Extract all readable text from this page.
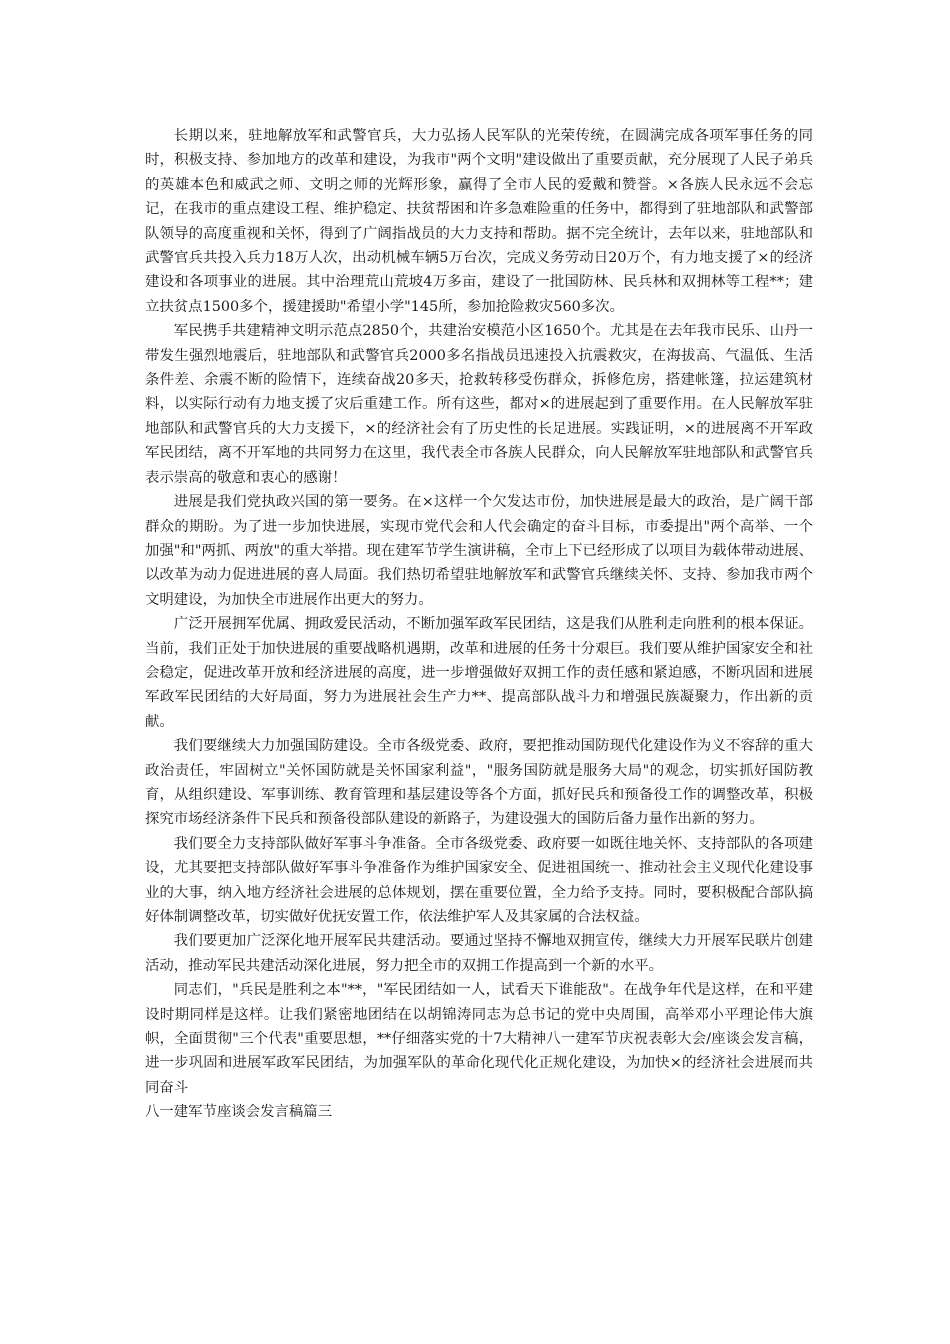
长期以来，驻地解放军和武警官兵，大力弘扬人民军队的光荣传统，在圆满完成各项军事任务的同时，积极支持、参加地方的改革和建设，为我市"两个文明"建设做出了重要贡献，充分展现了人民子弟兵的英雄本色和威武之师、文明之师的光辉形象，赢得了全市人民的爱戴和赞誉。×各族人民永远不会忘记，在我市的重点建设工程、维护稳定、扶贫帮困和许多急难险重的任务中，都得到了驻地部队和武警部队领导的高度重视和关怀，得到了广阔指战员的大力支持和帮助。据不完全统计，去年以来，驻地部队和武警官兵共投入兵力18万人次，出动机械车辆5万台次，完成义务劳动日20万个，有力地支援了×的经济建设和各项事业的进展。其中治理荒山荒坡4万多亩，建设了一批国防林、民兵林和双拥林等工程**；建立扶贫点1500多个，援建援助"希望小学"145所，参加抢险救灾560多次。

军民携手共建精神文明示范点2850个，共建治安模范小区1650个。尤其是在去年我市民乐、山丹一带发生强烈地震后，驻地部队和武警官兵2000多名指战员迅速投入抗震救灾，在海拔高、气温低、生活条件差、余震不断的险情下，连续奋战20多天，抢救转移受伤群众，拆修危房，搭建帐篷，拉运建筑材料，以实际行动有力地支援了灾后重建工作。所有这些，都对×的进展起到了重要作用。在人民解放军驻地部队和武警官兵的大力支援下，×的经济社会有了历史性的长足进展。实践证明，×的进展离不开军政军民团结，离不开军地的共同努力在这里，我代表全市各族人民群众，向人民解放军驻地部队和武警官兵表示崇高的敬意和衷心的感谢！

进展是我们党执政兴国的第一要务。在×这样一个欠发达市份，加快进展是最大的政治，是广阔干部群众的期盼。为了进一步加快进展，实现市党代会和人代会确定的奋斗目标，市委提出"两个高举、一个加强"和"两抓、两放"的重大举措。现在建军节学生演讲稿，全市上下已经形成了以项目为载体带动进展、以改革为动力促进进展的喜人局面。我们热切希望驻地解放军和武警官兵继续关怀、支持、参加我市两个文明建设，为加快全市进展作出更大的努力。

广泛开展拥军优属、拥政爱民活动，不断加强军政军民团结，这是我们从胜利走向胜利的根本保证。当前，我们正处于加快进展的重要战略机遇期，改革和进展的任务十分艰巨。我们要从维护国家安全和社会稳定，促进改革开放和经济进展的高度，进一步增强做好双拥工作的责任感和紧迫感，不断巩固和进展军政军民团结的大好局面，努力为进展社会生产力**、提高部队战斗力和增强民族凝聚力，作出新的贡献。

我们要继续大力加强国防建设。全市各级党委、政府，要把推动国防现代化建设作为义不容辞的重大政治责任，牢固树立"关怀国防就是关怀国家利益"，"服务国防就是服务大局"的观念，切实抓好国防教育，从组织建设、军事训练、教育管理和基层建设等各个方面，抓好民兵和预备役工作的调整改革，积极探究市场经济条件下民兵和预备役部队建设的新路子，为建设强大的国防后备力量作出新的努力。

我们要全力支持部队做好军事斗争准备。全市各级党委、政府要一如既往地关怀、支持部队的各项建设，尤其要把支持部队做好军事斗争准备作为维护国家安全、促进祖国统一、推动社会主义现代化建设事业的大事，纳入地方经济社会进展的总体规划，摆在重要位置，全力给予支持。同时，要积极配合部队搞好体制调整改革，切实做好优抚安置工作，依法维护军人及其家属的合法权益。

我们要更加广泛深化地开展军民共建活动。要通过坚持不懈地双拥宣传，继续大力开展军民联片创建活动，推动军民共建活动深化进展，努力把全市的双拥工作提高到一个新的水平。

同志们，"兵民是胜利之本"**，"军民团结如一人，试看天下谁能敌"。在战争年代是这样，在和平建设时期同样是这样。让我们紧密地团结在以胡锦涛同志为总书记的党中央周围，高举邓小平理论伟大旗帜，全面贯彻"三个代表"重要思想，**仔细落实党的十7大精神八一建军节庆祝表彰大会/座谈会发言稿，进一步巩固和进展军政军民团结，为加强军队的革命化现代化正规化建设，为加快×的经济社会进展而共同奋斗

八一建军节座谈会发言稿篇三
